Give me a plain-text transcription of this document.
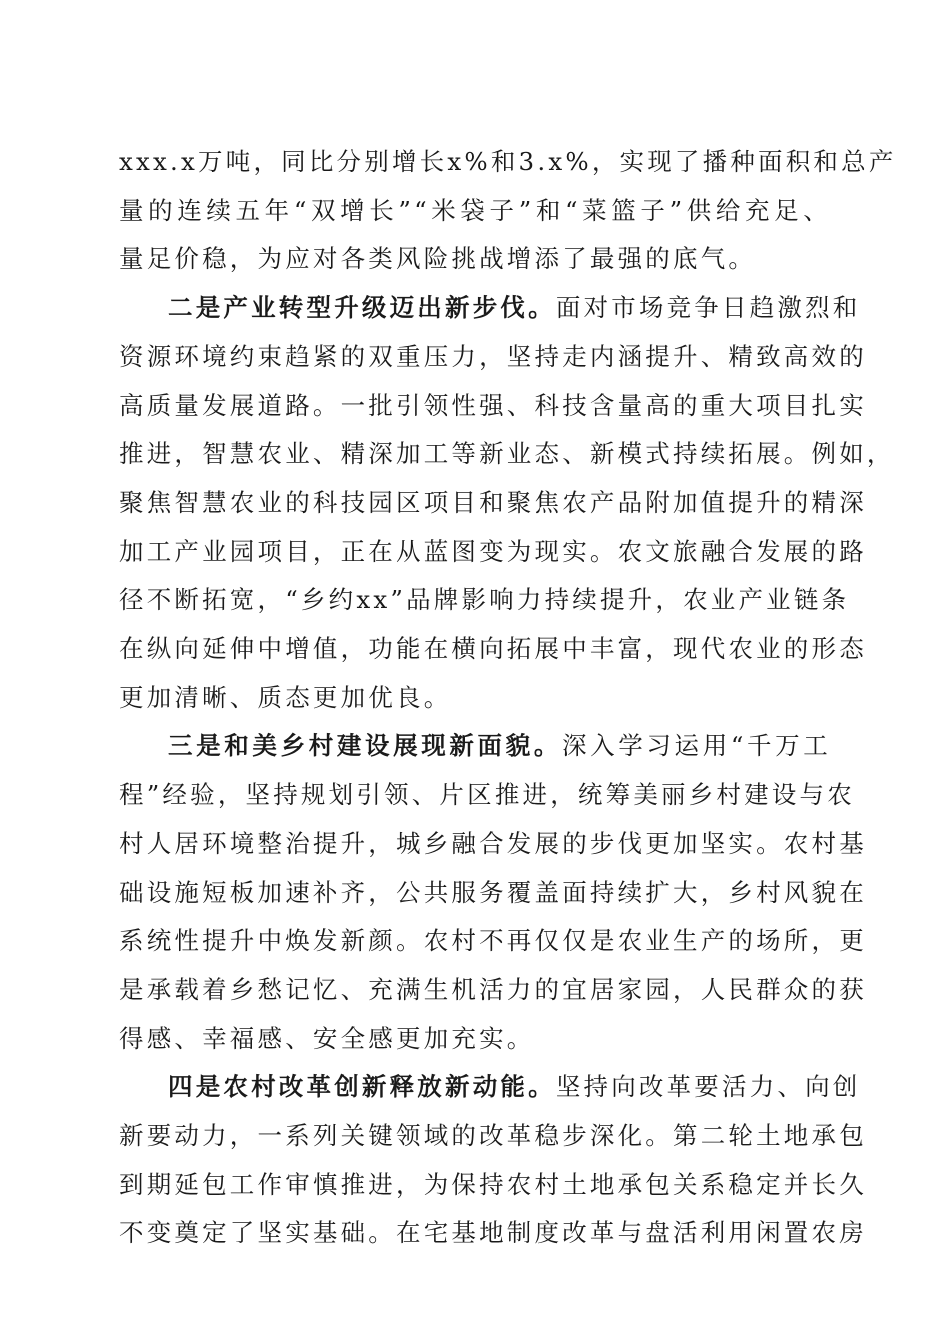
xxx.x万吨，同比分别增长x%和3.x%，实现了播种面积和总产
量的连续五年“双增长”“米袋子”和“菜篮子”供给充足、
量足价稳，为应对各类风险挑战增添了最强的底气。

二是产业转型升级迈出新步伐。面对市场竞争日趋激烈和
资源环境约束趋紧的双重压力，坚持走内涵提升、精致高效的
高质量发展道路。一批引领性强、科技含量高的重大项目扎实
推进，智慧农业、精深加工等新业态、新模式持续拓展。例如，
聚焦智慧农业的科技园区项目和聚焦农产品附加值提升的精深
加工产业园项目，正在从蓝图变为现实。农文旅融合发展的路
径不断拓宽，“乡约xx”品牌影响力持续提升，农业产业链条
在纵向延伸中增值，功能在横向拓展中丰富，现代农业的形态
更加清晰、质态更加优良。

三是和美乡村建设展现新面貌。深入学习运用“千万工
程”经验，坚持规划引领、片区推进，统筹美丽乡村建设与农
村人居环境整治提升，城乡融合发展的步伐更加坚实。农村基
础设施短板加速补齐，公共服务覆盖面持续扩大，乡村风貌在
系统性提升中焕发新颜。农村不再仅仅是农业生产的场所，更
是承载着乡愁记忆、充满生机活力的宜居家园，人民群众的获
得感、幸福感、安全感更加充实。

四是农村改革创新释放新动能。坚持向改革要活力、向创
新要动力，一系列关键领域的改革稳步深化。第二轮土地承包
到期延包工作审慎推进，为保持农村土地承包关系稳定并长久
不变奠定了坚实基础。在宅基地制度改革与盘活利用闲置农房
